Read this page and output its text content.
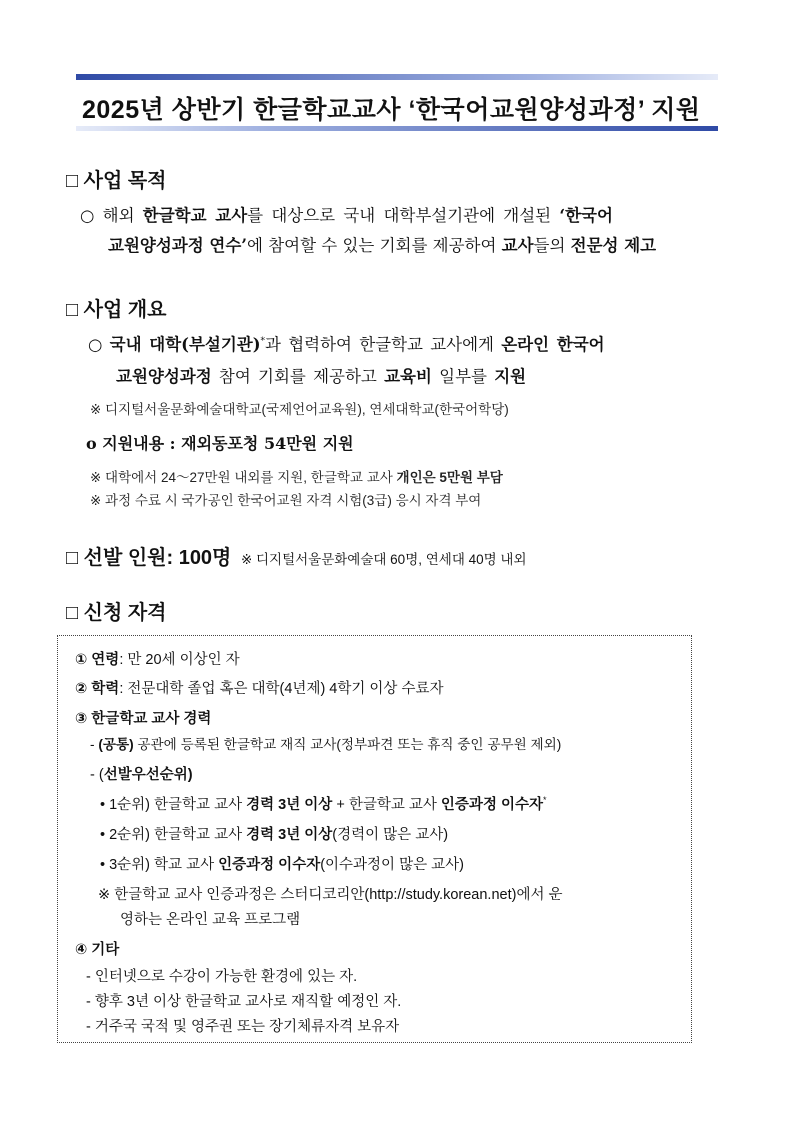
2025년 상반기 한글학교교사 ‘한국어교원양성과정’ 지원
□ 사업 목적
○ 해외 한글학교 교사를 대상으로 국내 대학부설기관에 개설된 ‘한국어
교원양성과정 연수’에 참여할 수 있는 기회를 제공하여 교사들의 전문성 제고
□ 사업 개요
○ 국내 대학(부설기관)*과 협력하여 한글학교 교사에게 온라인 한국어
교원양성과정 참여 기회를 제공하고 교육비 일부를 지원
※ 디지털서울문화예술대학교(국제언어교육원), 연세대학교(한국어학당)
o 지원내용 : 재외동포청 54만원 지원
※ 대학에서 24～27만원 내외를 지원, 한글학교 교사 개인은 5만원 부담
※ 과정 수료 시 국가공인 한국어교원 자격 시험(3급) 응시 자격 부여
□ 선발 인원: 100명 ※ 디지털서울문화예술대 60명, 연세대 40명 내외
□ 신청 자격
① 연령: 만 20세 이상인 자
② 학력: 전문대학 졸업 혹은 대학(4년제) 4학기 이상 수료자
③ 한글학교 교사 경력
- (공통) 공관에 등록된 한글학교 재직 교사(정부파견 또는 휴직 중인 공무원 제외)
- (선발우선순위)
• 1순위) 한글학교 교사 경력 3년 이상 + 한글학교 교사 인증과정 이수자*
• 2순위) 한글학교 교사 경력 3년 이상(경력이 많은 교사)
• 3순위) 학교 교사 인증과정 이수자(이수과정이 많은 교사)
※ 한글학교 교사 인증과정은 스터디코리안(http://study.korean.net)에서 운
영하는 온라인 교육 프로그램
④ 기타
- 인터넷으로 수강이 가능한 환경에 있는 자.
- 향후 3년 이상 한글학교 교사로 재직할 예정인 자.
- 거주국 국적 및 영주권 또는 장기체류자격 보유자
